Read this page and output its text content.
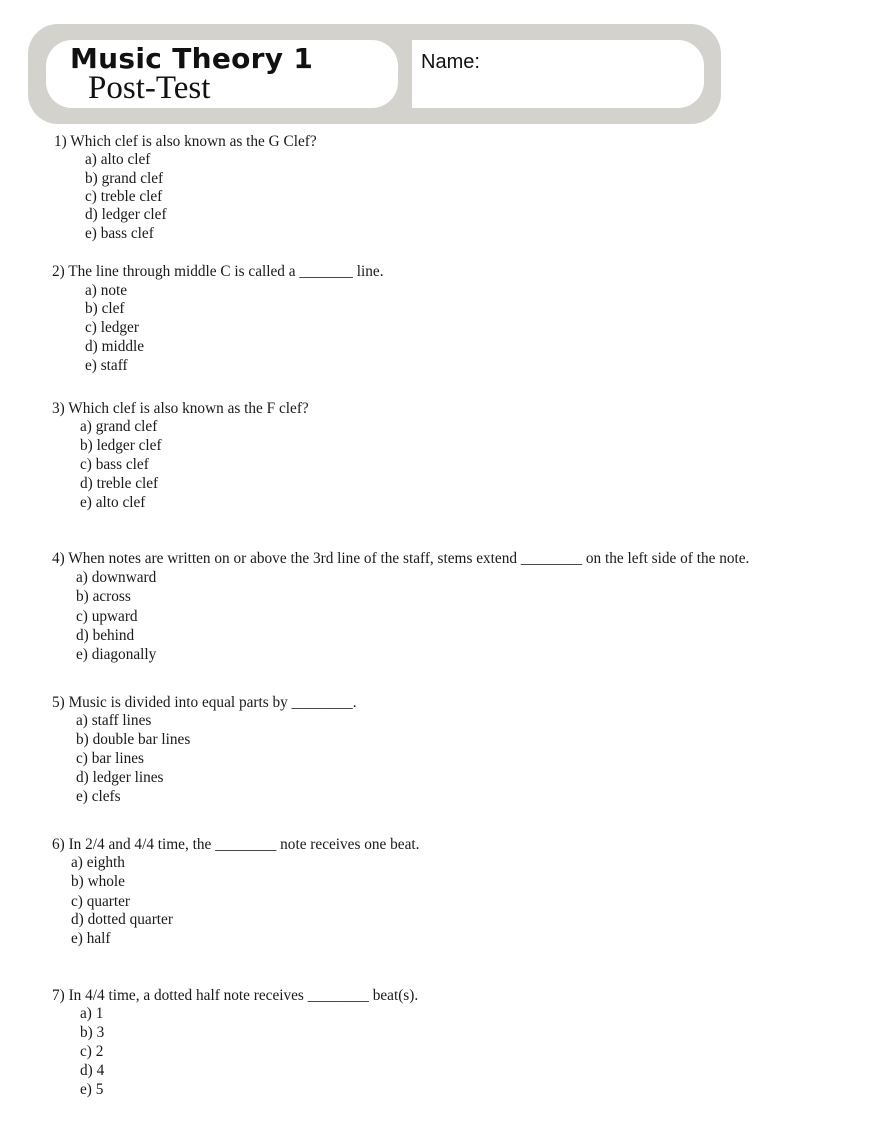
Music Theory 1
Post-Test
Name:
1) Which clef is also known as the G Clef?
a) alto clef
b) grand clef
c) treble clef
d) ledger clef
e) bass clef
2) The line through middle C is called a _______ line.
a) note
b) clef
c) ledger
d) middle
e) staff
3) Which clef is also known as the F clef?
a) grand clef
b) ledger clef
c) bass clef
d) treble clef
e) alto clef
4) When notes are written on or above the 3rd line of the staff, stems extend ________ on the left side of the note.
a) downward
b) across
c) upward
d) behind
e) diagonally
5) Music is divided into equal parts by ________.
a) staff lines
b) double bar lines
c) bar lines
d) ledger lines
e) clefs
6) In 2/4 and 4/4 time, the ________ note receives one beat.
a) eighth
b) whole
c) quarter
d) dotted quarter
e) half
7) In 4/4 time, a dotted half note receives ________ beat(s).
a) 1
b) 3
c) 2
d) 4
e) 5
